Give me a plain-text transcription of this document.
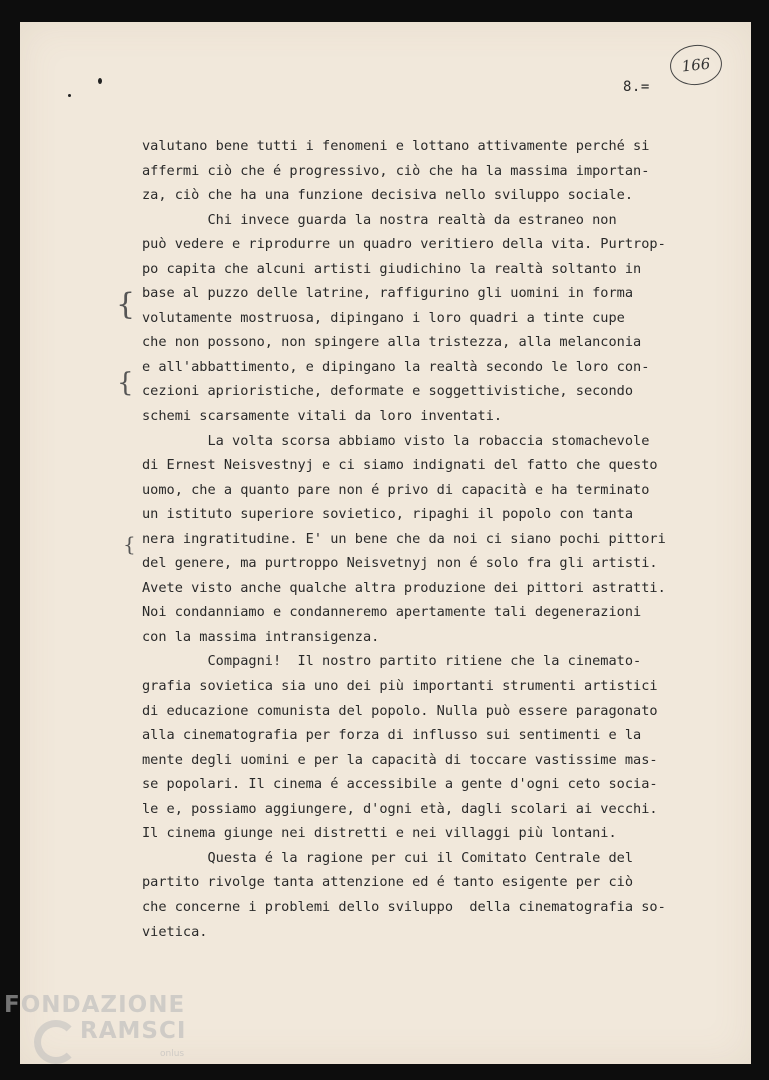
8.=
166
{
{
{
valutano bene tutti i fenomeni e lottano attivamente perché si
affermi ciò che é progressivo, ciò che ha la massima importan-
za, ciò che ha una funzione decisiva nello sviluppo sociale.
Chi invece guarda la nostra realtà da estraneo non
può vedere e riprodurre un quadro veritiero della vita. Purtrop-
po capita che alcuni artisti giudichino la realtà soltanto in
base al puzzo delle latrine, raffigurino gli uomini in forma
volutamente mostruosa, dipingano i loro quadri a tinte cupe
che non possono, non spingere alla tristezza, alla melanconia
e all'abbattimento, e dipingano la realtà secondo le loro con-
cezioni aprioristiche, deformate e soggettivistiche, secondo
schemi scarsamente vitali da loro inventati.
La volta scorsa abbiamo visto la robaccia stomachevole
di Ernest Neisvestnyj e ci siamo indignati del fatto che questo
uomo, che a quanto pare non é privo di capacità e ha terminato
un istituto superiore sovietico, ripaghi il popolo con tanta
nera ingratitudine. E' un bene che da noi ci siano pochi pittori
del genere, ma purtroppo Neisvetnyj non é solo fra gli artisti.
Avete visto anche qualche altra produzione dei pittori astratti.
Noi condanniamo e condanneremo apertamente tali degenerazioni
con la massima intransigenza.
Compagni!  Il nostro partito ritiene che la cinemato-
grafia sovietica sia uno dei più importanti strumenti artistici
di educazione comunista del popolo. Nulla può essere paragonato
alla cinematografia per forza di influsso sui sentimenti e la
mente degli uomini e per la capacità di toccare vastissime mas-
se popolari. Il cinema é accessibile a gente d'ogni ceto socia-
le e, possiamo aggiungere, d'ogni età, dagli scolari ai vecchi.
Il cinema giunge nei distretti e nei villaggi più lontani.
Questa é la ragione per cui il Comitato Centrale del
partito rivolge tanta attenzione ed é tanto esigente per ciò
che concerne i problemi dello sviluppo  della cinematografia so-
vietica.
FONDAZIONE
RAMSCI
onlus
